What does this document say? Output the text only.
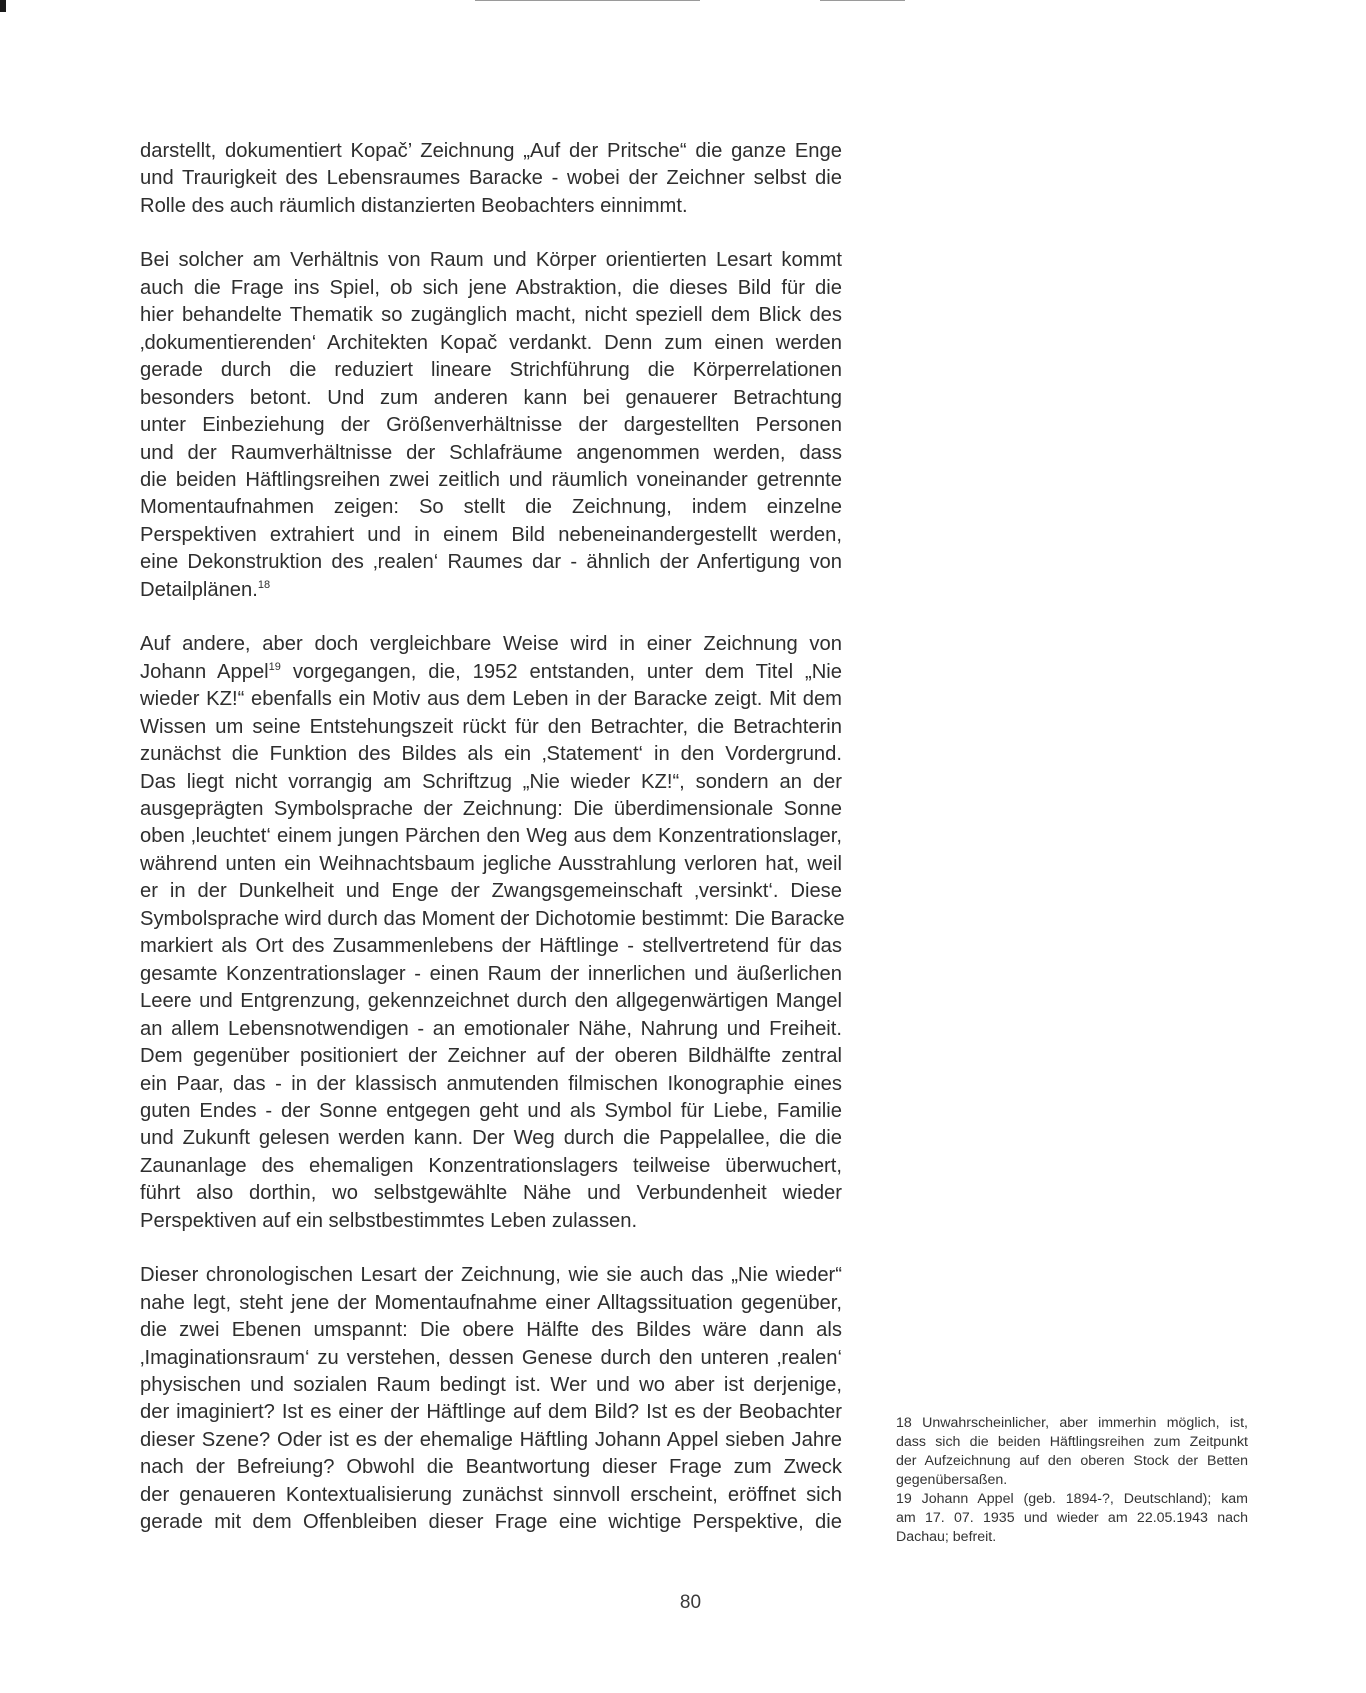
darstellt, dokumentiert Kopač’ Zeichnung „Auf der Pritsche“ die ganze Enge
und Traurigkeit des Lebensraumes Baracke - wobei der Zeichner selbst die
Rolle des auch räumlich distanzierten Beobachters einnimmt.

Bei solcher am Verhältnis von Raum und Körper orientierten Lesart kommt
auch die Frage ins Spiel, ob sich jene Abstraktion, die dieses Bild für die
hier behandelte Thematik so zugänglich macht, nicht speziell dem Blick des
‚dokumentierenden‘ Architekten Kopač verdankt. Denn zum einen werden
gerade durch die reduziert lineare Strichführung die Körperrelationen
besonders betont. Und zum anderen kann bei genauerer Betrachtung
unter Einbeziehung der Größenverhältnisse der dargestellten Personen
und der Raumverhältnisse der Schlafräume angenommen werden, dass
die beiden Häftlingsreihen zwei zeitlich und räumlich voneinander getrennte
Momentaufnahmen zeigen: So stellt die Zeichnung, indem einzelne
Perspektiven extrahiert und in einem Bild nebeneinandergestellt werden,
eine Dekonstruktion des ‚realen‘ Raumes dar - ähnlich der Anfertigung von
Detailplänen.$^{18}$

Auf andere, aber doch vergleichbare Weise wird in einer Zeichnung von
Johann Appel$^{19}$ vorgegangen, die, 1952 entstanden, unter dem Titel „Nie
wieder KZ!“ ebenfalls ein Motiv aus dem Leben in der Baracke zeigt. Mit dem
Wissen um seine Entstehungszeit rückt für den Betrachter, die Betrachterin
zunächst die Funktion des Bildes als ein ‚Statement‘ in den Vordergrund.
Das liegt nicht vorrangig am Schriftzug „Nie wieder KZ!“, sondern an der
ausgeprägten Symbolsprache der Zeichnung: Die überdimensionale Sonne
oben ‚leuchtet‘ einem jungen Pärchen den Weg aus dem Konzentrationslager,
während unten ein Weihnachtsbaum jegliche Ausstrahlung verloren hat, weil
er in der Dunkelheit und Enge der Zwangsgemeinschaft ‚versinkt‘. Diese
Symbolsprache wird durch das Moment der Dichotomie bestimmt: Die Baracke
markiert als Ort des Zusammenlebens der Häftlinge - stellvertretend für das
gesamte Konzentrationslager - einen Raum der innerlichen und äußerlichen
Leere und Entgrenzung, gekennzeichnet durch den allgegenwärtigen Mangel
an allem Lebensnotwendigen - an emotionaler Nähe, Nahrung und Freiheit.
Dem gegenüber positioniert der Zeichner auf der oberen Bildhälfte zentral
ein Paar, das - in der klassisch anmutenden filmischen Ikonographie eines
guten Endes - der Sonne entgegen geht und als Symbol für Liebe, Familie
und Zukunft gelesen werden kann. Der Weg durch die Pappelallee, die die
Zaunanlage des ehemaligen Konzentrationslagers teilweise überwuchert,
führt also dorthin, wo selbstgewählte Nähe und Verbundenheit wieder
Perspektiven auf ein selbstbestimmtes Leben zulassen.

Dieser chronologischen Lesart der Zeichnung, wie sie auch das „Nie wieder“
nahe legt, steht jene der Momentaufnahme einer Alltagssituation gegenüber,
die zwei Ebenen umspannt: Die obere Hälfte des Bildes wäre dann als
‚Imaginationsraum‘ zu verstehen, dessen Genese durch den unteren ‚realen‘
physischen und sozialen Raum bedingt ist. Wer und wo aber ist derjenige,
der imaginiert? Ist es einer der Häftlinge auf dem Bild? Ist es der Beobachter
dieser Szene? Oder ist es der ehemalige Häftling Johann Appel sieben Jahre
nach der Befreiung? Obwohl die Beantwortung dieser Frage zum Zweck
der genaueren Kontextualisierung zunächst sinnvoll erscheint, eröffnet sich
gerade mit dem Offenbleiben dieser Frage eine wichtige Perspektive, die

18 Unwahrscheinlicher, aber immerhin möglich, ist,
dass sich die beiden Häftlingsreihen zum Zeitpunkt
der Aufzeichnung auf den oberen Stock der Betten
gegenübersaßen.
19 Johann Appel (geb. 1894-?, Deutschland); kam
am 17. 07. 1935 und wieder am 22.05.1943 nach
Dachau; befreit.
80
